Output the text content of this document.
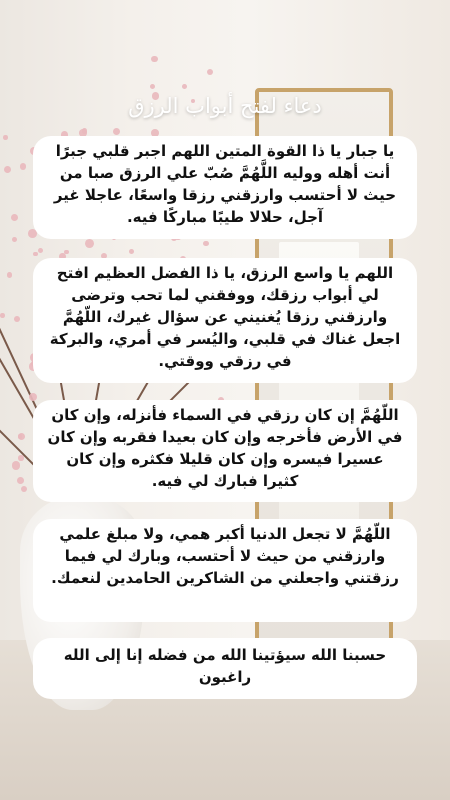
دعاء لفتح أبواب الرزق
يا جبار يا ذا القوة المتين اللهم اجبر قلبي جبرًا أنت أهله ووليه اللَّهُمَّ صُبّ علي الرزق صبا من حيث لا أحتسب وارزقني رزقا واسعًا، عاجلا غير آجل، حلالا طيبًا مباركًا فيه.
اللهم يا واسع الرزق، يا ذا الفضل العظيم افتح لي أبواب رزقك، ووفقني لما تحب وترضى وارزقني رزقا يُغنيني عن سؤال غيرك، اللّهُمَّ اجعل غناك في قلبي، واليُسر في أمري، والبركة في رزقي ووقتي.
اللّهُمَّ إن كان رزقي في السماء فأنزله، وإن كان في الأرض فأخرجه وإن كان بعيدا فقربه وإن كان عسيرا فيسره وإن كان قليلا فكثره وإن كان كثيرا فبارك لي فيه.
اللّهُمَّ لا تجعل الدنيا أكبر همي، ولا مبلغ علمي وارزقني من حيث لا أحتسب، وبارك لي فيما رزقتني واجعلني من الشاكرين الحامدين لنعمك.
حسبنا الله سيؤتينا الله من فضله إنا إلى الله راغبون
34894
